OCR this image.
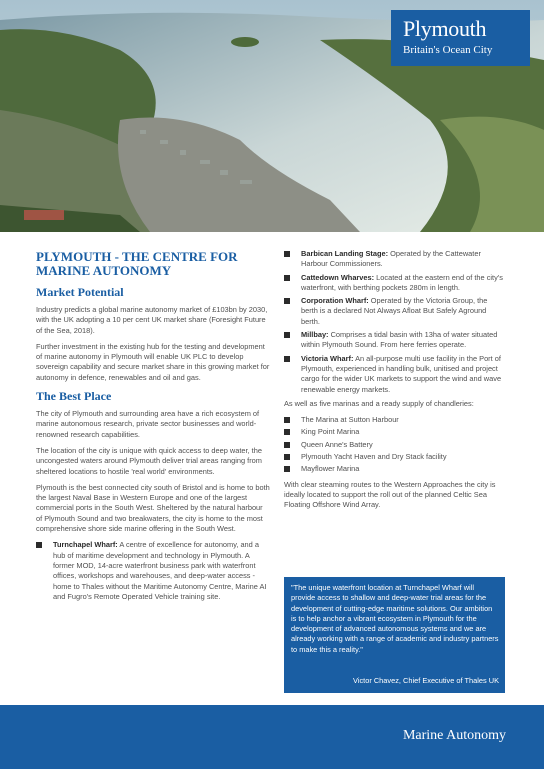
Plymouth
Britain's Ocean City
PLYMOUTH - THE CENTRE FOR MARINE AUTONOMY
Market Potential

Industry predicts a global marine autonomy market of £103bn by 2030, with the UK adopting a 10 per cent UK market share (Foresight Future of the Sea, 2018).

Further investment in the existing hub for the testing and development of marine autonomy in Plymouth will enable UK PLC to develop sovereign capability and secure market share in this growing market for autonomy in defence, renewables and oil and gas.

The Best Place

The city of Plymouth and surrounding area have a rich ecosystem of marine autonomous research, private sector businesses and world-renowned research capabilities.

The location of the city is unique with quick access to deep water, the uncongested waters around Plymouth deliver trial areas ranging from sheltered locations to hostile 'real world' environments.

Plymouth is the best connected city south of Bristol and is home to both the largest Naval Base in Western Europe and one of the largest commercial ports in the South West. Sheltered by the natural harbour of Plymouth Sound and two breakwaters, the city is home to the most comprehensive shore side marine offering in the South West.

Turnchapel Wharf: A centre of excellence for autonomy, and a hub of maritime development and technology in Plymouth. A former MOD, 14-acre waterfront business park with waterfront offices, workshops and warehouses, and deep-water access - home to Thales without the Maritime Autonomy Centre, Marine AI and Fugro's Remote Operated Vehicle training site.
Barbican Landing Stage: Operated by the Cattewater Harbour Commissioners.
Cattedown Wharves: Located at the eastern end of the city's waterfront, with berthing pockets 280m in length.
Corporation Wharf: Operated by the Victoria Group, the berth is a declared Not Always Afloat But Safely Aground berth.
Millbay: Comprises a tidal basin with 13ha of water situated within Plymouth Sound. From here ferries operate.
Victoria Wharf: An all-purpose multi use facility in the Port of Plymouth, experienced in handling bulk, unitised and project cargo for the wider UK markets to support the wind and wave renewable energy markets.

As well as five marinas and a ready supply of chandleries:

The Marina at Sutton Harbour
King Point Marina
Queen Anne's Battery
Plymouth Yacht Haven and Dry Stack facility
Mayflower Marina

With clear steaming routes to the Western Approaches the city is ideally located to support the roll out of the planned Celtic Sea Floating Offshore Wind Array.

"The unique waterfront location at Turnchapel Wharf will provide access to shallow and deep-water trial areas for the development of cutting-edge maritime solutions. Our ambition is to help anchor a vibrant ecosystem in Plymouth for the development of advanced autonomous systems and we are already working with a range of academic and industry partners to make this a reality."
Victor Chavez, Chief Executive of Thales UK
Marine Autonomy
